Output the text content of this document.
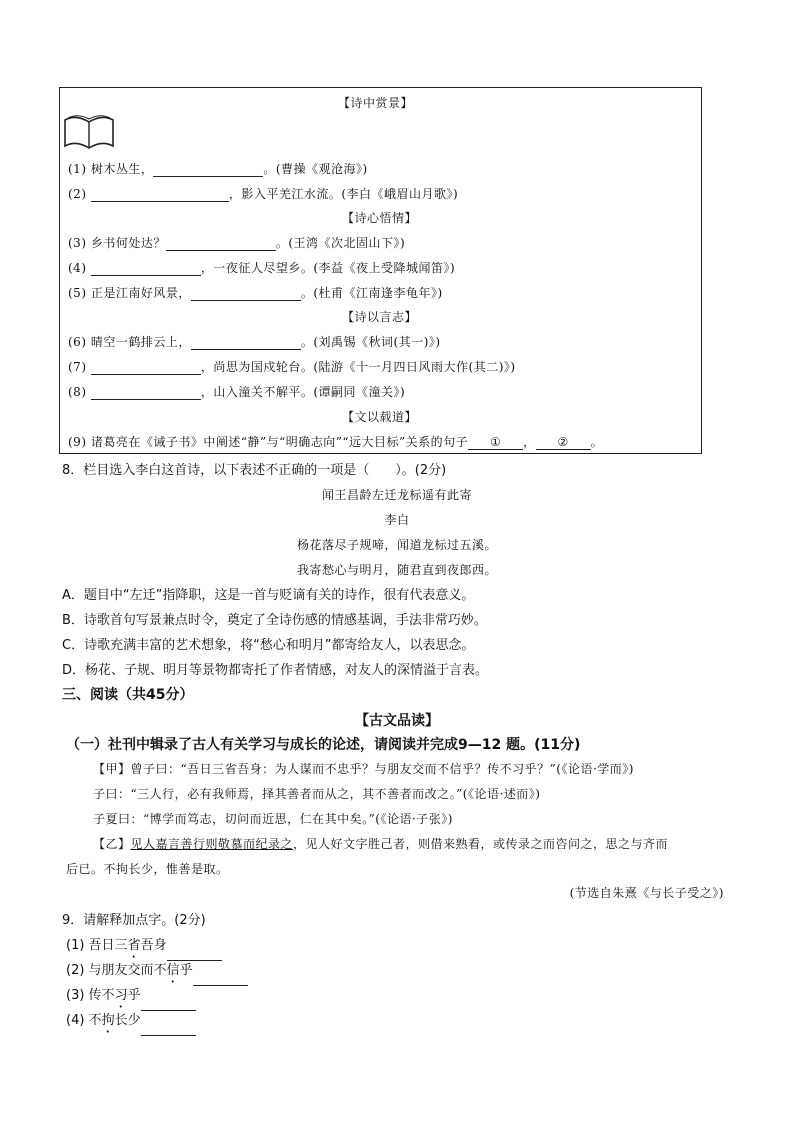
【诗中赏景】
(1) 树木丛生，	。(曹操《观沧海》)
(2)	，影入平羌江水流。(李白《峨眉山月歌》)
【诗心悟情】
(3) 乡书何处达？	。(王湾《次北固山下》)
(4)	，一夜征人尽望乡。(李益《夜上受降城闻笛》)
(5) 正是江南好风景，	。(杜甫《江南逢李龟年》)
【诗以言志】
(6) 晴空一鹤排云上，	。(刘禹锡《秋词(其一)》)
(7)	，尚思为国戍轮台。(陆游《十一月四日风雨大作(其二)》)
(8)	，山入潼关不解平。(谭嗣同《潼关》)
【文以载道】
(9) 诸葛亮在《诫子书》中阐述“静”与“明确志向”“远大目标”关系的句子 ① ， ② 。
8．栏目选入李白这首诗，以下表述不正确的一项是（　　）。(2分)
闻王昌龄左迁龙标遥有此寄
李白
杨花落尽子规啼，闻道龙标过五溪。
我寄愁心与明月，随君直到夜郎西。
A．题目中“左迁”指降职，这是一首与贬谪有关的诗作，很有代表意义。
B．诗歌首句写景兼点时令，奠定了全诗伤感的情感基调，手法非常巧妙。
C．诗歌充满丰富的艺术想象，将“愁心和明月”都寄给友人，以表思念。
D．杨花、子规、明月等景物都寄托了作者情感，对友人的深情溢于言表。
三、阅读（共45分）
【古文品读】
（一）社刊中辑录了古人有关学习与成长的论述，请阅读并完成9—12 题。(11分)
【甲】曾子曰：“吾日三省吾身：为人谋而不忠乎？与朋友交而不信乎？传不习乎？”(《论语·学而》)
子曰：“三人行，必有我师焉，择其善者而从之，其不善者而改之。”(《论语·述而》)
子夏曰：“博学而笃志，切问而近思，仁在其中矣。”(《论语·子张》)
【乙】见人嘉言善行则敬慕而纪录之，见人好文字胜己者，则借来熟看，或传录之而咨问之，思之与齐而
后已。不拘长少，惟善是取。
(节选自朱熹《与长子受之》)
9．请解释加点字。(2分)
(1) 吾日三省吾身
(2) 与朋友交而不信乎
(3) 传不习乎
(4) 不拘长少
